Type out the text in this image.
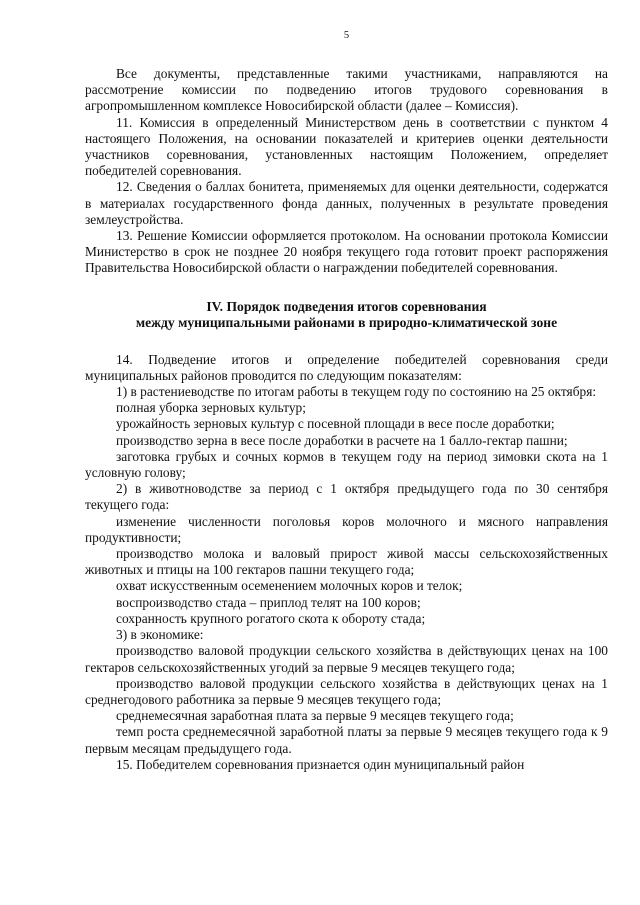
5

Все документы, представленные такими участниками, направляются на рассмотрение комиссии по подведению итогов трудового соревнования в агропромышленном комплексе Новосибирской области (далее – Комиссия).

11. Комиссия в определенный Министерством день в соответствии с пунктом 4 настоящего Положения, на основании показателей и критериев оценки деятельности участников соревнования, установленных настоящим Положением, определяет победителей соревнования.

12. Сведения о баллах бонитета, применяемых для оценки деятельности, содержатся в материалах государственного фонда данных, полученных в результате проведения землеустройства.

13. Решение Комиссии оформляется протоколом. На основании протокола Комиссии Министерство в срок не позднее 20 ноября текущего года готовит проект распоряжения Правительства Новосибирской области о награждении победителей соревнования.

IV. Порядок подведения итогов соревнования
между муниципальными районами в природно-климатической зоне

14. Подведение итогов и определение победителей соревнования среди муниципальных районов проводится по следующим показателям:

1) в растениеводстве по итогам работы в текущем году по состоянию на 25 октября:

полная уборка зерновых культур;

урожайность зерновых культур с посевной площади в весе после доработки;

производство зерна в весе после доработки в расчете на 1 балло-гектар пашни;

заготовка грубых и сочных кормов в текущем году на период зимовки скота на 1 условную голову;

2) в животноводстве за период с 1 октября предыдущего года по 30 сентября текущего года:

изменение численности поголовья коров молочного и мясного направления продуктивности;

производство молока и валовый прирост живой массы сельскохозяйственных животных и птицы на 100 гектаров пашни текущего года;

охват искусственным осеменением молочных коров и телок;

воспроизводство стада – приплод телят на 100 коров;

сохранность крупного рогатого скота к обороту стада;

3) в экономике:

производство валовой продукции сельского хозяйства в действующих ценах на 100 гектаров сельскохозяйственных угодий за первые 9 месяцев текущего года;

производство валовой продукции сельского хозяйства в действующих ценах на 1 среднегодового работника за первые 9 месяцев текущего года;

среднемесячная заработная плата за первые 9 месяцев текущего года;

темп роста среднемесячной заработной платы за первые 9 месяцев текущего года к 9 первым месяцам предыдущего года.

15. Победителем соревнования признается один муниципальный район
